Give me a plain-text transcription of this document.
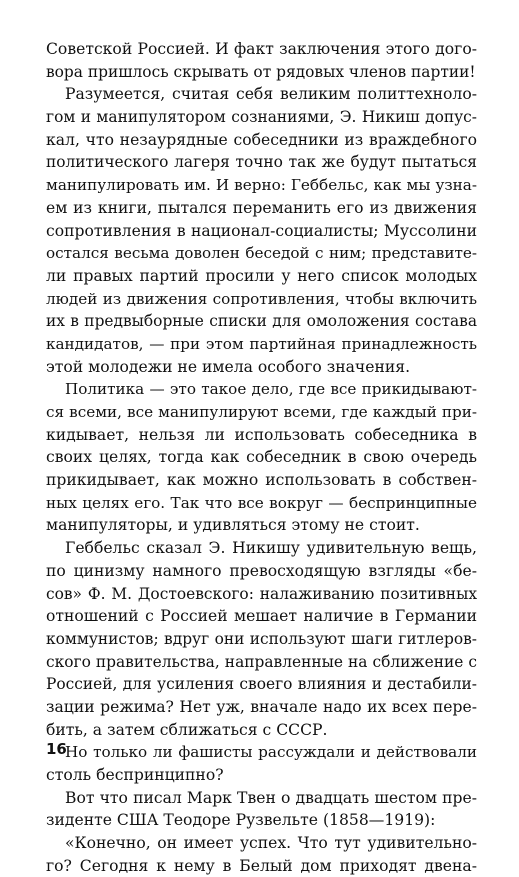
Советской Россией. И факт заключения этого дого-
вора пришлось скрывать от рядовых членов партии!
Разумеется, считая себя великим политтехноло-
гом и манипулятором сознаниями, Э. Никиш допус-
кал, что незаурядные собеседники из враждебного
политического лагеря точно так же будут пытаться
манипулировать им. И верно: Геббельс, как мы узна-
ем из книги, пытался переманить его из движения
сопротивления в национал-социалисты; Муссолини
остался весьма доволен беседой с ним; представите-
ли правых партий просили у него список молодых
людей из движения сопротивления, чтобы включить
их в предвыборные списки для омоложения состава
кандидатов, — при этом партийная принадлежность
этой молодежи не имела особого значения.
Политика — это такое дело, где все прикидывают-
ся всеми, все манипулируют всеми, где каждый при-
кидывает, нельзя ли использовать собеседника в
своих целях, тогда как собеседник в свою очередь
прикидывает, как можно использовать в собствен-
ных целях его. Так что все вокруг — беспринципные
манипуляторы, и удивляться этому не стоит.
Геббельс сказал Э. Никишу удивительную вещь,
по цинизму намного превосходящую взгляды «бе-
сов» Ф. М. Достоевского: налаживанию позитивных
отношений с Россией мешает наличие в Германии
коммунистов; вдруг они используют шаги гитлеров-
ского правительства, направленные на сближение с
Россией, для усиления своего влияния и дестабили-
зации режима? Нет уж, вначале надо их всех пере-
бить, а затем сближаться с СССР.
Но только ли фашисты рассуждали и действовали
столь беспринципно?
Вот что писал Марк Твен о двадцать шестом пре-
зиденте США Теодоре Рузвельте (1858—1919):
«Конечно, он имеет успех. Что тут удивительно-
го? Сегодня к нему в Белый дом приходят двена-
16
